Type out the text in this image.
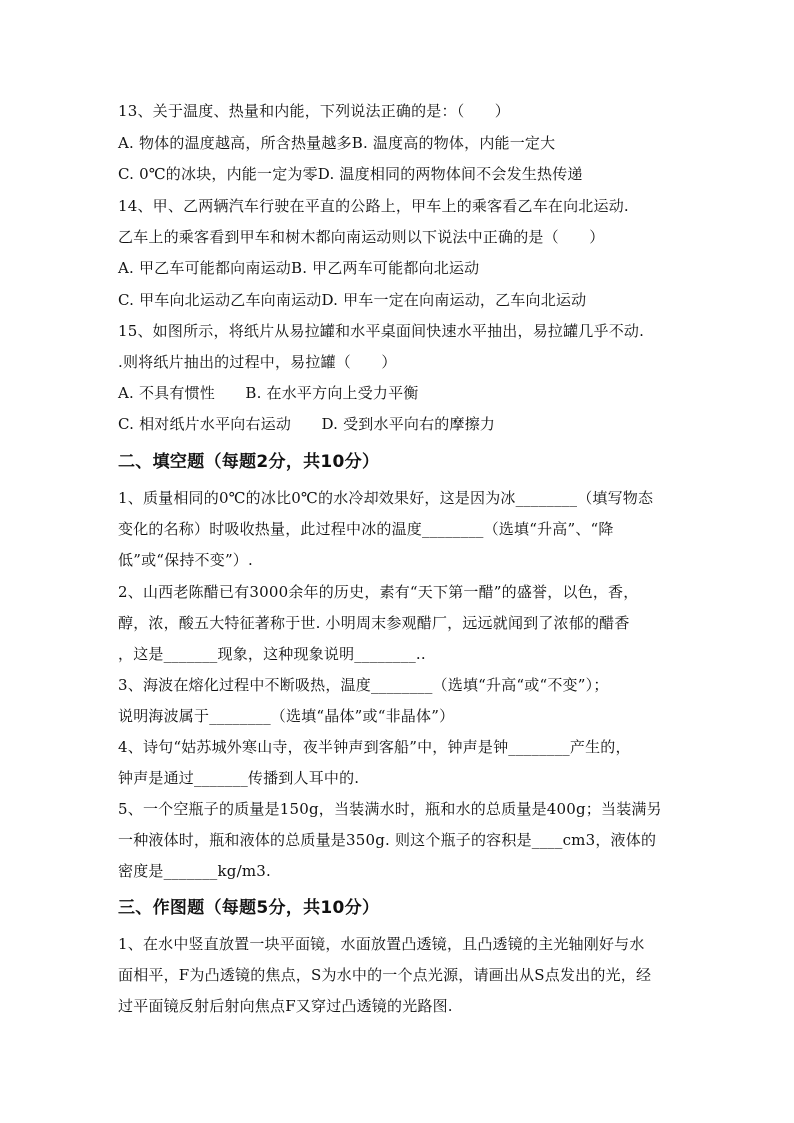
13、关于温度、热量和内能，下列说法正确的是：（　　）
A. 物体的温度越高，所含热量越多B. 温度高的物体，内能一定大
C. 0℃的冰块，内能一定为零D. 温度相同的两物体间不会发生热传递
14、甲、乙两辆汽车行驶在平直的公路上，甲车上的乘客看乙车在向北运动.
乙车上的乘客看到甲车和树木都向南运动则以下说法中正确的是（　　）
A. 甲乙车可能都向南运动B. 甲乙两车可能都向北运动
C. 甲车向北运动乙车向南运动D. 甲车一定在向南运动，乙车向北运动
15、如图所示，将纸片从易拉罐和水平桌面间快速水平抽出，易拉罐几乎不动.
.则将纸片抽出的过程中，易拉罐（　　）
A. 不具有惯性　　B. 在水平方向上受力平衡
C. 相对纸片水平向右运动　　D. 受到水平向右的摩擦力
二、填空题（每题2分，共10分）
1、质量相同的0℃的冰比0℃的水冷却效果好，这是因为冰________（填写物态
变化的名称）时吸收热量，此过程中冰的温度________（选填“升高”、“降
低”或“保持不变”）.
2、山西老陈醋已有3000余年的历史，素有“天下第一醋”的盛誉，以色，香，
醇，浓，酸五大特征著称于世. 小明周末参观醋厂，远远就闻到了浓郁的醋香
，这是_______现象，这种现象说明________..
3、海波在熔化过程中不断吸热，温度________（选填“升高“或“不变”）；
说明海波属于________（选填“晶体”或“非晶体”）
4、诗句“姑苏城外寒山寺，夜半钟声到客船”中，钟声是钟________产生的，
钟声是通过_______传播到人耳中的.
5、一个空瓶子的质量是150g，当装满水时，瓶和水的总质量是400g；当装满另
一种液体时，瓶和液体的总质量是350g. 则这个瓶子的容积是____cm3，液体的
密度是_______kg/m3.
三、作图题（每题5分，共10分）
1、在水中竖直放置一块平面镜，水面放置凸透镜，且凸透镜的主光轴刚好与水
面相平，F为凸透镜的焦点，S为水中的一个点光源，请画出从S点发出的光，经
过平面镜反射后射向焦点F又穿过凸透镜的光路图.
